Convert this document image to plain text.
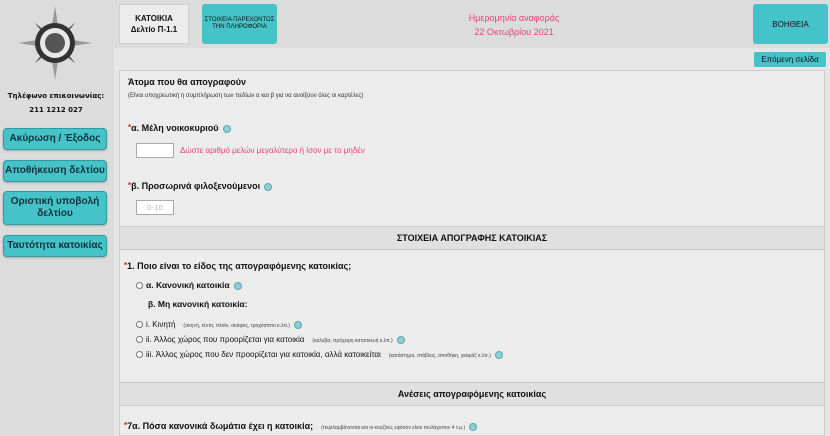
Τηλέφωνο επικοινωνίας:
211 1212 027
Ακύρωση / Έξοδος
Αποθήκευση δελτίου
Οριστική υποβολή δελτίου
Ταυτότητα κατοικίας
ΚΑΤΟΙΚΙΑ
Δελτίο Π-1.1
ΣΤΟΙΧΕΙΑ ΠΑΡΕΧΟΝΤΟΣ ΤΗΝ ΠΛΗΡΟΦΟΡΙΑ
Ημερομηνία αναφοράς
22 Οκτωβρίου 2021
ΒΟΗΘΕΙΑ
Επόμενη σελίδα
Άτομα που θα απογραφούν
(Είναι υποχρεωτική η συμπλήρωση των πεδίων α και β για να ανοίξουν όλες οι καρτέλες)
*α. Μέλη νοικοκυριού
Δώστε αριθμό μελών μεγαλύτερο ή ίσον με το μηδέν
*β. Προσωρινά φιλοξενούμενοι
0-10
ΣΤΟΙΧΕΙΑ ΑΠΟΓΡΑΦΗΣ ΚΑΤΟΙΚΙΑΣ
*1. Ποιο είναι το είδος της απογραφόμενης κατοικίας;
α. Κανονική κατοικία
β. Μη κανονική κατοικία:
i. Κινητή (σκηνή, τέντα, πλοίο, σκάφος, τροχόσπιτο κ.λπ.)
ii. Άλλος χώρος που προορίζεται για κατοικία (καλύβα, πρόχειρη κατασκευή κ.λπ.)
iii. Άλλος χώρος που δεν προορίζεται για κατοικία, αλλά κατοικείται (κατάστημα, στάβλος, αποθήκη, γκαράζ κ.λπ.)
Ανέσεις απογραφόμενης κατοικίας
*7α. Πόσα κανονικά δωμάτια έχει η κατοικία; (περιλαμβάνονται και οι κουζίνες εφόσον είναι τουλάχιστον 4 τ.μ.)
